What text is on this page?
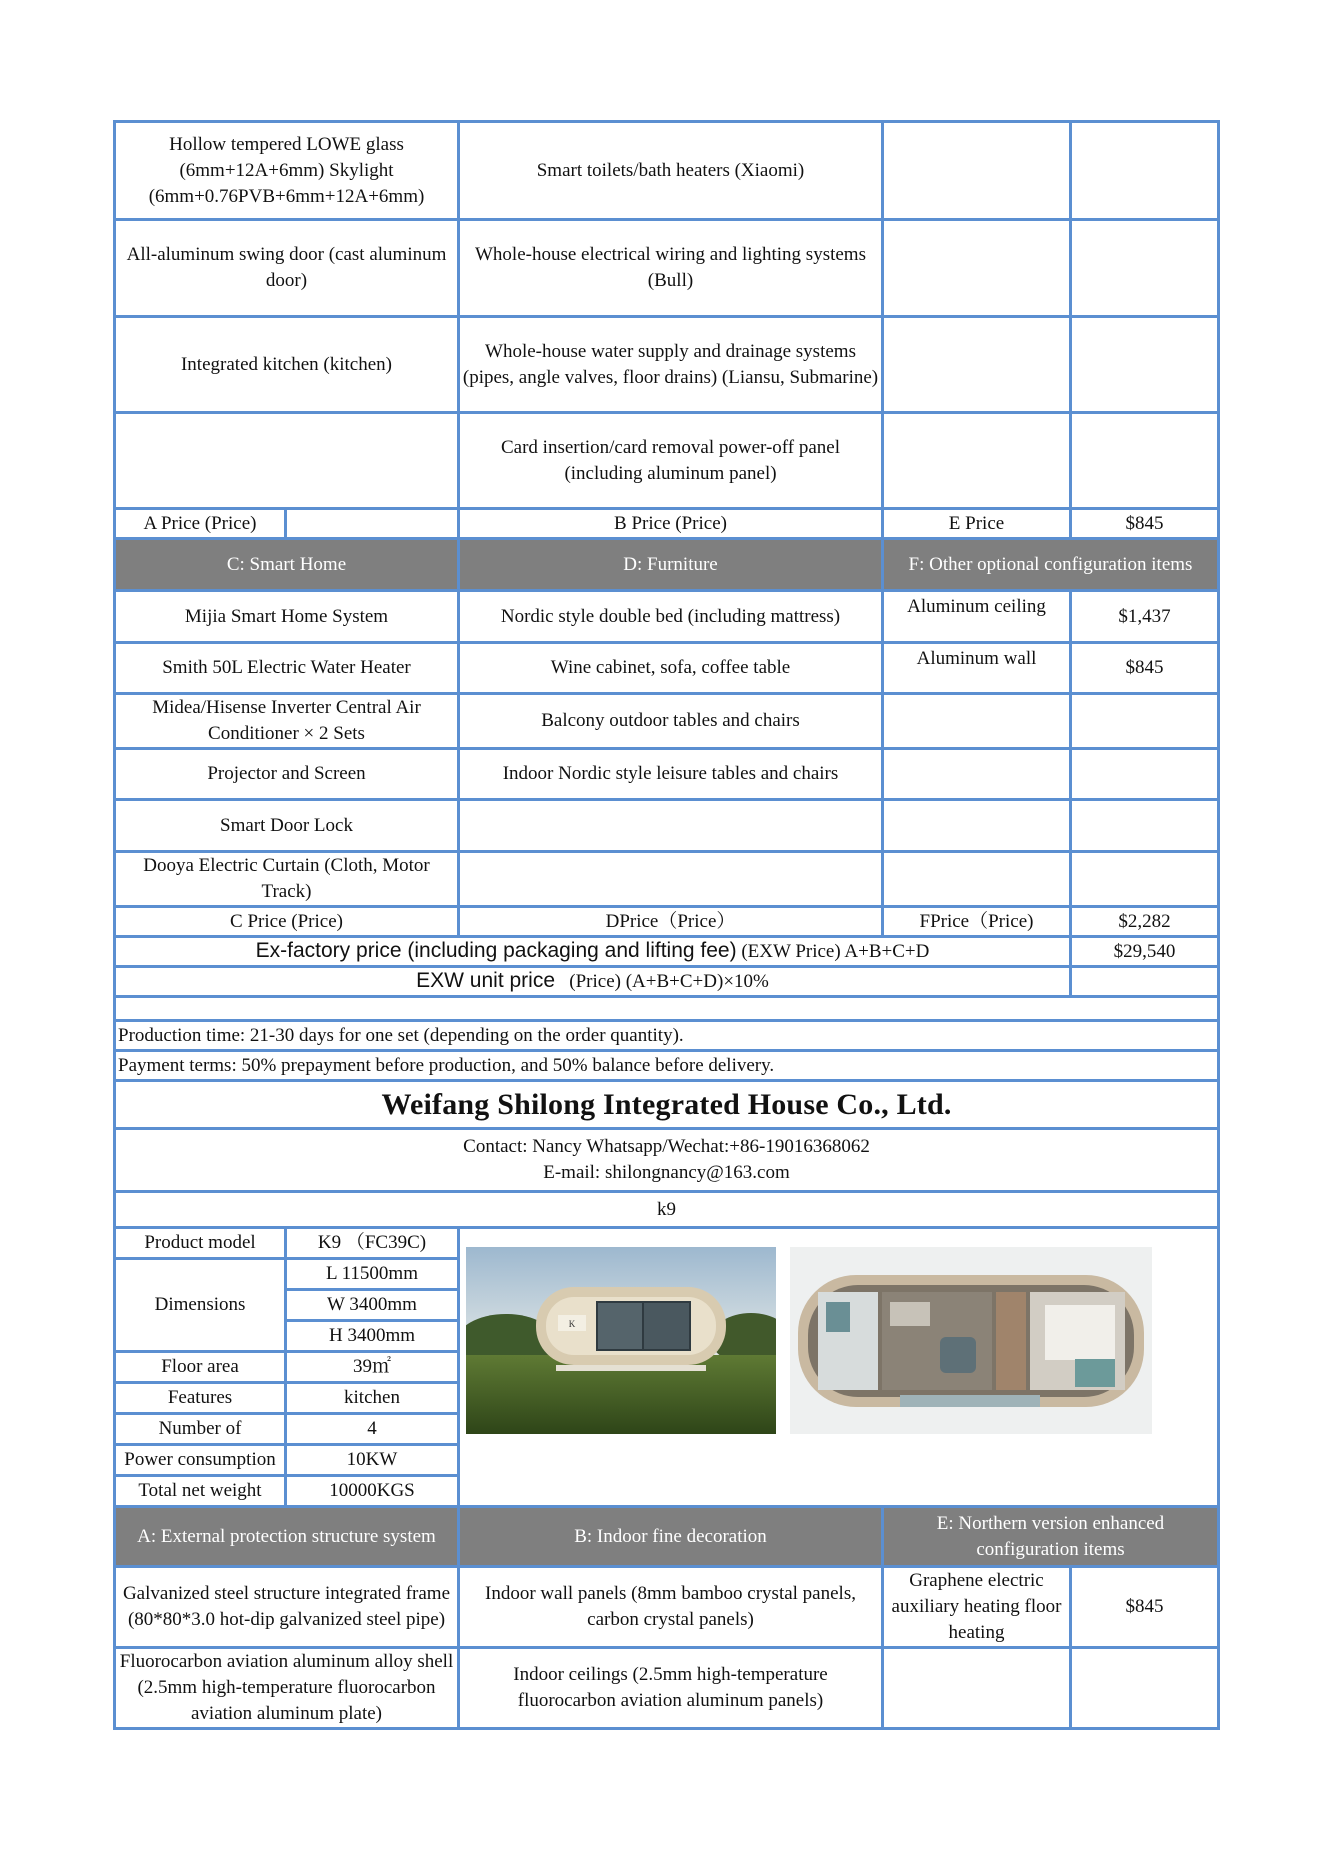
Hollow tempered LOWE glass (6mm+12A+6mm) Skylight (6mm+0.76PVB+6mm+12A+6mm)		Smart toilets/bath heaters (Xiaomi)		
All-aluminum swing door (cast aluminum door)		Whole-house electrical wiring and lighting systems (Bull)		
Integrated kitchen (kitchen)		Whole-house water supply and drainage systems (pipes, angle valves, floor drains) (Liansu, Submarine)		
		Card insertion/card removal power-off panel (including aluminum panel)		
A Price (Price)		B Price (Price)	E Price	$845
C: Smart Home		D: Furniture	F: Other optional configuration items	
Mijia Smart Home System		Nordic style double bed (including mattress)	Aluminum ceiling	$1,437
Smith 50L Electric Water Heater		Wine cabinet, sofa, coffee table	Aluminum wall	$845
Midea/Hisense Inverter Central Air Conditioner × 2 Sets		Balcony outdoor tables and chairs		
Projector and Screen		Indoor Nordic style leisure tables and chairs		
Smart Door Lock				
Dooya Electric Curtain (Cloth, Motor Track)				
C Price (Price)		DPrice（Price）	FPrice（Price)	$2,282
Ex-factory price (including packaging and lifting fee) (EXW Price) A+B+C+D				$29,540
EXW unit price (Price) (A+B+C+D)×10%				

Production time: 21-30 days for one set (depending on the order quantity).				
Payment terms: 50% prepayment before production, and 50% balance before delivery.				
Weifang Shilong Integrated House Co., Ltd.				

Contact: Nancy Whatsapp/Wechat:+86-19016368062
E-mail: shilongnancy@163.com				

k9				
Product model	K9 （FC39C)	K		

Dimensions	L 11500mm			
	W 3400mm			
	H 3400mm			
Floor area	39㎡			
Features	kitchen			
Number of	4			
Power consumption	10KW			
Total net weight	10000KGS			
A: External protection structure system		B: Indoor fine decoration	E: Northern version enhanced configuration items	
Galvanized steel structure integrated frame (80*80*3.0 hot-dip galvanized steel pipe)		Indoor wall panels (8mm bamboo crystal panels, carbon crystal panels)	Graphene electric auxiliary heating floor heating	$845
Fluorocarbon aviation aluminum alloy shell (2.5mm high-temperature fluorocarbon aviation aluminum plate)		Indoor ceilings (2.5mm high-temperature fluorocarbon aviation aluminum panels)		
